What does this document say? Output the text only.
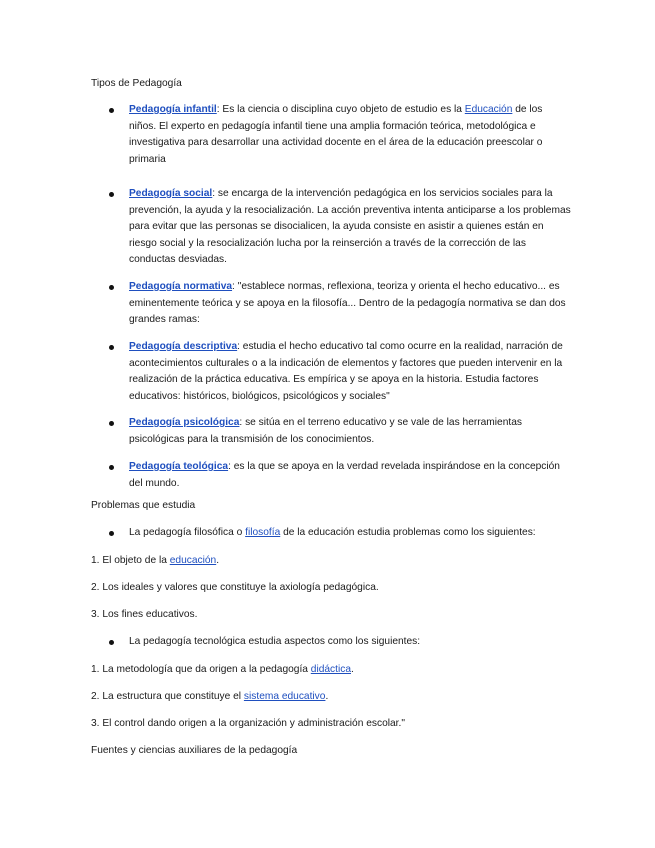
Tipos de Pedagogía
Pedagogía infantil: Es la ciencia o disciplina cuyo objeto de estudio es la Educación de los niños. El experto en pedagogía infantil tiene una amplia formación teórica, metodológica e investigativa para desarrollar una actividad docente en el área de la educación preescolar o primaria
Pedagogía social: se encarga de la intervención pedagógica en los servicios sociales para la prevención, la ayuda y la resocialización. La acción preventiva intenta anticiparse a los problemas para evitar que las personas se disocialicen, la ayuda consiste en asistir a quienes están en riesgo social y la resocialización lucha por la reinserción a través de la corrección de las conductas desviadas.
Pedagogía normativa: "establece normas, reflexiona, teoriza y orienta el hecho educativo... es eminentemente teórica y se apoya en la filosofía... Dentro de la pedagogía normativa se dan dos grandes ramas:
Pedagogía descriptiva: estudia el hecho educativo tal como ocurre en la realidad, narración de acontecimientos culturales o a la indicación de elementos y factores que pueden intervenir en la realización de la práctica educativa. Es empírica y se apoya en la historia. Estudia factores educativos: históricos, biológicos, psicológicos y sociales"
Pedagogía psicológica: se sitúa en el terreno educativo y se vale de las herramientas psicológicas para la transmisión de los conocimientos.
Pedagogía teológica: es la que se apoya en la verdad revelada inspirándose en la concepción del mundo.
Problemas que estudia
La pedagogía filosófica o filosofía de la educación estudia problemas como los siguientes:

1. El objeto de la educación.

2. Los ideales y valores que constituye la axiología pedagógica.

3. Los fines educativos.

La pedagogía tecnológica estudia aspectos como los siguientes:

1. La metodología que da origen a la pedagogía didáctica.

2. La estructura que constituye el sistema educativo.

3. El control dando origen a la organización y administración escolar."

Fuentes y ciencias auxiliares de la pedagogía
